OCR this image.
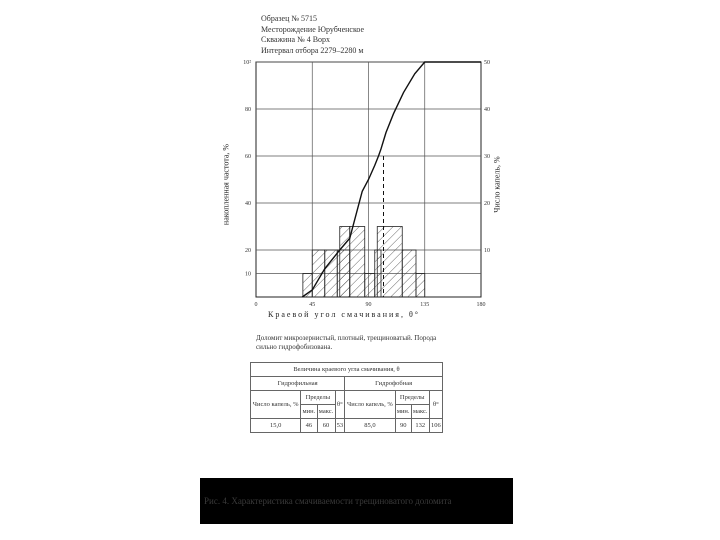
Образец № 5715
Месторождение Юрубченское
Скважина № 4 Ворх
Интервал отбора 2279–2280 м
0	45	90	135	180
10
20
40
60
80
10²
10
20
30
40
50
накопленная частота, %	Число капель, %
Краевой угол смачивания, θ°
Доломит микрозернистый, плотный, трещиноватый. Порода сильно гидрофобизована.
Величина краевого угла смачивания, θ							
Гидрофильная				Гидрофобная			
Число капель, %	Пределы		θ°	Число капель, %	Пределы		θ°
	мин.	макс.			мин.	макс.	
15,0	46	60	53	85,0	90	132	106
Рис. 4. Характеристика смачиваемости трещиноватого доломита
